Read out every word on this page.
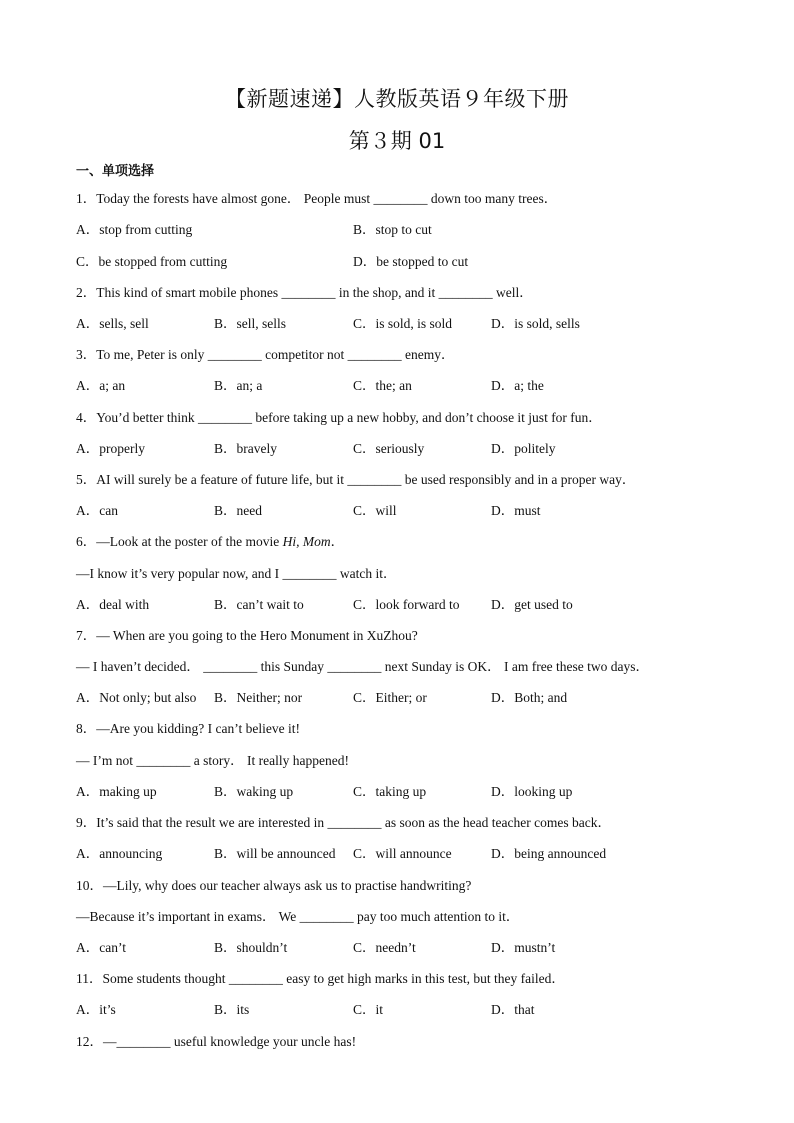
【新题速递】人教版英语９年级下册
第３期 01
一、单项选择
1．Today the forests have almost gone． People must ________ down too many trees．
A．stop from cutting	B．stop to cut
C．be stopped from cutting	D．be stopped to cut
2．This kind of smart mobile phones ________ in the shop, and it ________ well．
A．sells, sell	B．sell, sells	C．is sold, is sold	D．is sold, sells
3．To me, Peter is only ________ competitor not ________ enemy．
A．a; an	B．an; a	C．the; an	D．a; the
4．You’d better think ________ before taking up a new hobby, and don’t choose it just for fun．
A．properly	B．bravely	C．seriously	D．politely
5．AI will surely be a feature of future life, but it ________ be used responsibly and in a proper way．
A．can	B．need	C．will	D．must
6．—Look at the poster of the movie Hi, Mom．
—I know it’s very popular now, and I ________ watch it．
A．deal with	B．can’t wait to	C．look forward to D．get used to
7．— When are you going to the Hero Monument in XuZhou?
— I haven’t decided． ________ this Sunday ________ next Sunday is OK． I am free these two days．
A．Not only; but also B．Neither; nor	C．Either; or	D．Both; and
8．—Are you kidding? I can’t believe it!
— I’m not ________ a story． It really happened!
A．making up	B．waking up	C．taking up	D．looking up
9．It’s said that the result we are interested in ________ as soon as the head teacher comes back．
A．announcing	B．will be announced C．will announce	D．being announced
10．—Lily, why does our teacher always ask us to practise handwriting?
—Because it’s important in exams． We ________ pay too much attention to it．
A．can’t	B．shouldn’t	C．needn’t	D．mustn’t
11．Some students thought ________ easy to get high marks in this test, but they failed．
A．it’s	B．its	C．it	D．that
12．—________ useful knowledge your uncle has!
